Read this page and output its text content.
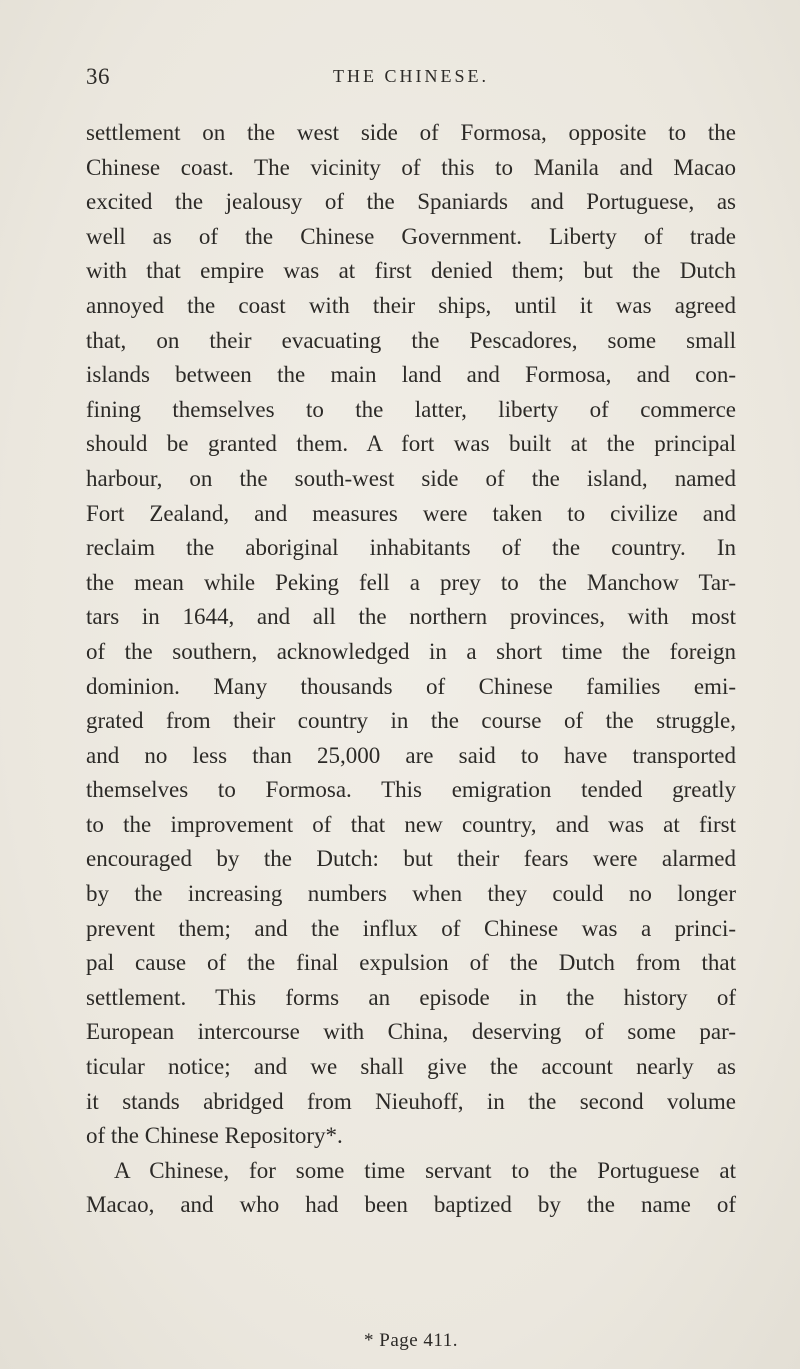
36	THE CHINESE.
settlement on the west side of Formosa, opposite to the
Chinese coast. The vicinity of this to Manila and Macao
excited the jealousy of the Spaniards and Portuguese, as
well as of the Chinese Government. Liberty of trade
with that empire was at first denied them; but the Dutch
annoyed the coast with their ships, until it was agreed
that, on their evacuating the Pescadores, some small
islands between the main land and Formosa, and con-
fining themselves to the latter, liberty of commerce
should be granted them. A fort was built at the principal
harbour, on the south-west side of the island, named
Fort Zealand, and measures were taken to civilize and
reclaim the aboriginal inhabitants of the country. In
the mean while Peking fell a prey to the Manchow Tar-
tars in 1644, and all the northern provinces, with most
of the southern, acknowledged in a short time the foreign
dominion. Many thousands of Chinese families emi-
grated from their country in the course of the struggle,
and no less than 25,000 are said to have transported
themselves to Formosa. This emigration tended greatly
to the improvement of that new country, and was at first
encouraged by the Dutch: but their fears were alarmed
by the increasing numbers when they could no longer
prevent them; and the influx of Chinese was a princi-
pal cause of the final expulsion of the Dutch from that
settlement. This forms an episode in the history of
European intercourse with China, deserving of some par-
ticular notice; and we shall give the account nearly as
it stands abridged from Nieuhoff, in the second volume
of the Chinese Repository*.
A Chinese, for some time servant to the Portuguese at
Macao, and who had been baptized by the name of
* Page 411.
